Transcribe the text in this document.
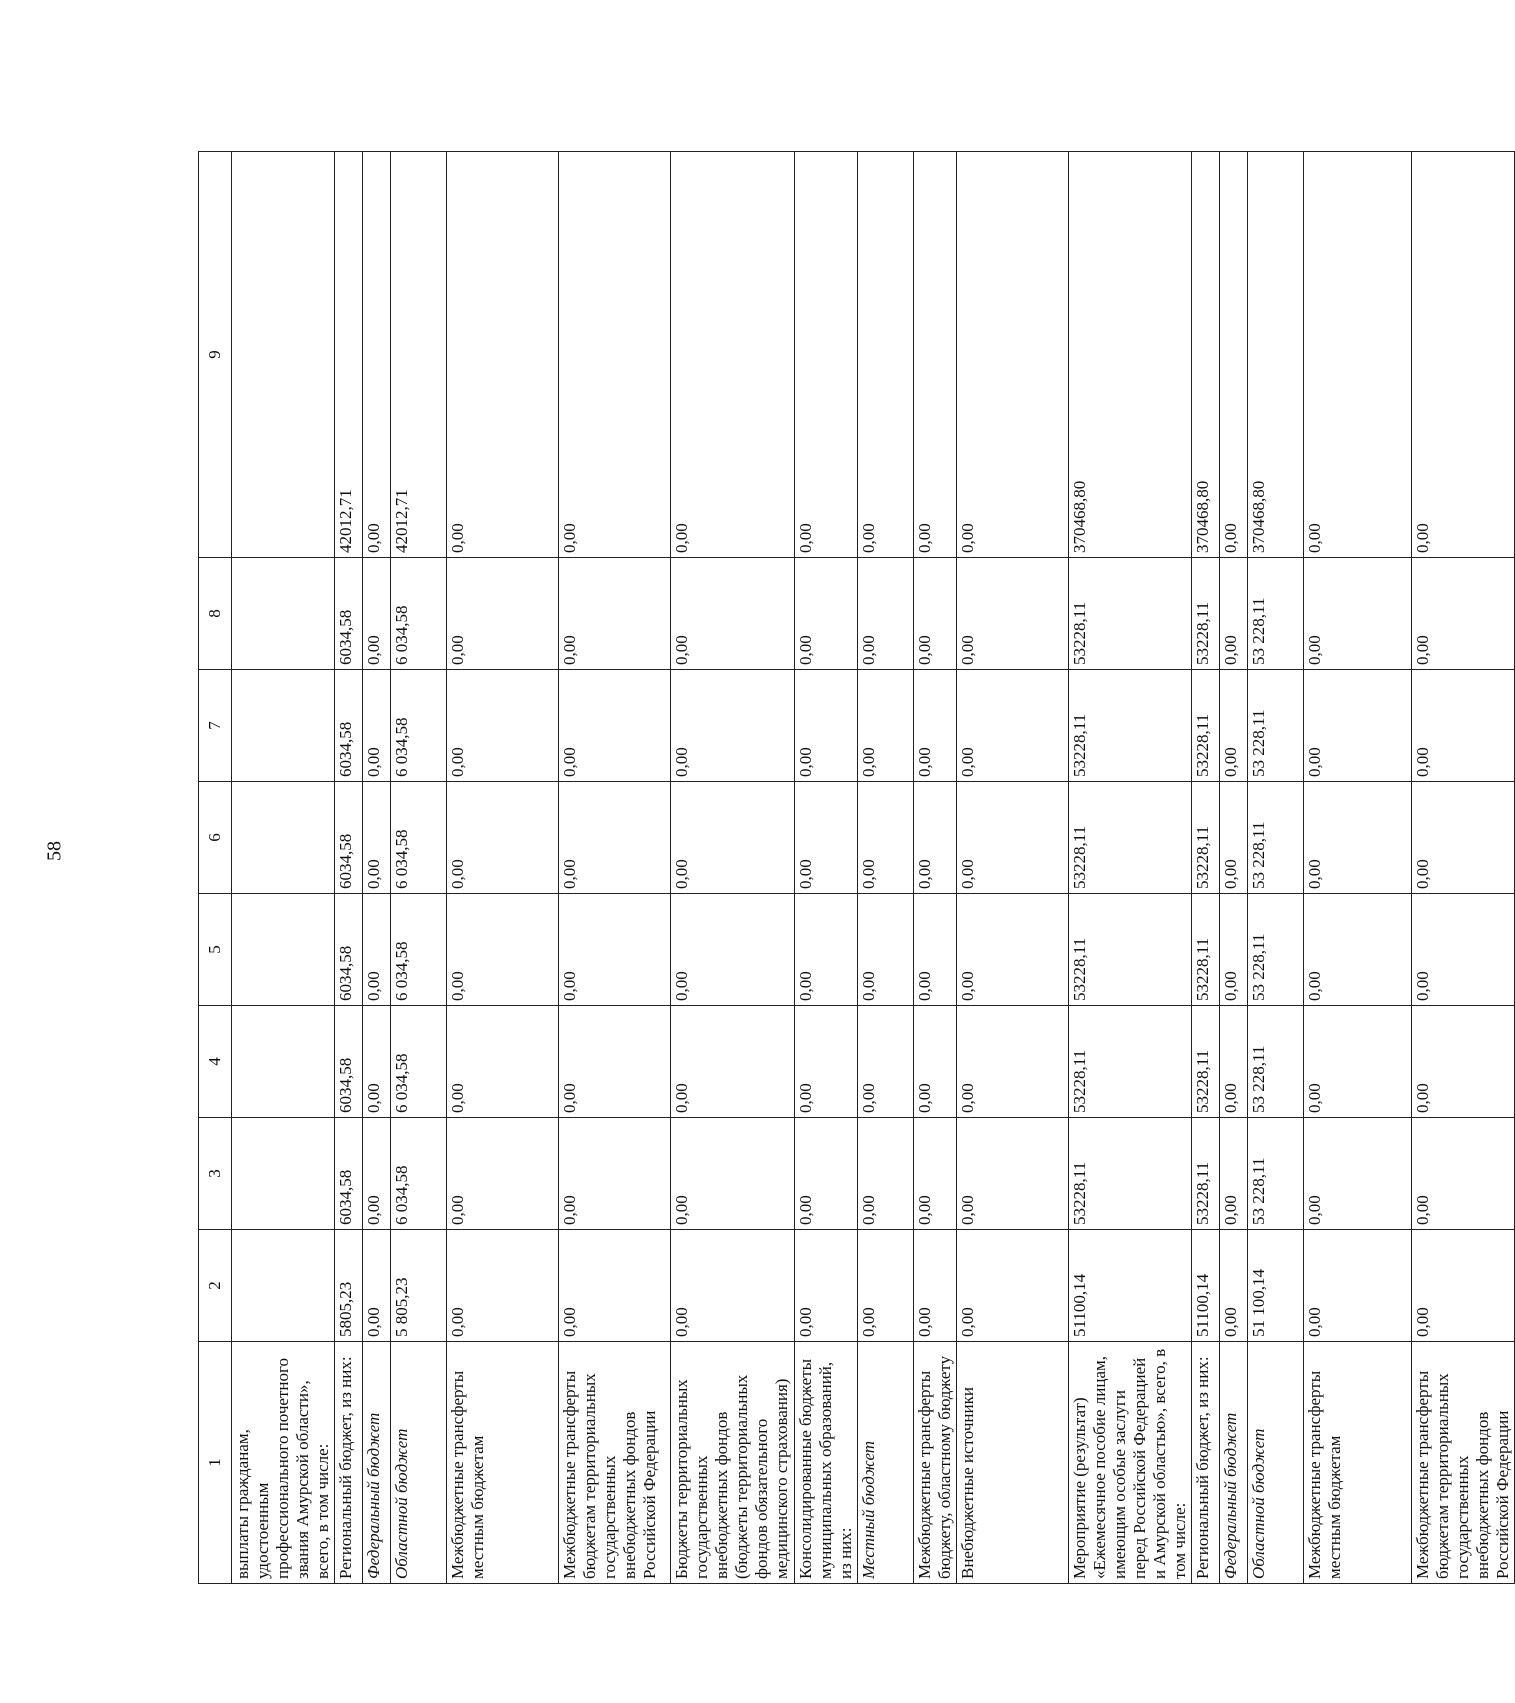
58
1	2	3	4	5	6	7	8	9
выплаты гражданам, удостоенным профессионального почетного звания Амурской области», всего, в том числе:								
Региональный бюджет, из них:	5805,23	6034,58	6034,58	6034,58	6034,58	6034,58	6034,58	42012,71
Федеральный бюджет	0,00	0,00	0,00	0,00	0,00	0,00	0,00	0,00
Областной бюджет	5 805,23	6 034,58	6 034,58	6 034,58	6 034,58	6 034,58	6 034,58	42012,71
Межбюджетные трансферты местным бюджетам	0,00	0,00	0,00	0,00	0,00	0,00	0,00	0,00
Межбюджетные трансферты бюджетам территориальных государственных внебюджетных фондов Российской Федерации	0,00	0,00	0,00	0,00	0,00	0,00	0,00	0,00
Бюджеты территориальных государственных внебюджетных фондов (бюджеты территориальных фондов обязательного медицинского страхования)	0,00	0,00	0,00	0,00	0,00	0,00	0,00	0,00
Консолидированные бюджеты муниципальных образований, из них:	0,00	0,00	0,00	0,00	0,00	0,00	0,00	0,00
Местный бюджет	0,00	0,00	0,00	0,00	0,00	0,00	0,00	0,00
Межбюджетные трансферты бюджету, областному бюджету	0,00	0,00	0,00	0,00	0,00	0,00	0,00	0,00
Внебюджетные источники	0,00	0,00	0,00	0,00	0,00	0,00	0,00	0,00
Мероприятие (результат) «Ежемесячное пособие лицам, имеющим особые заслуги перед Российской Федерацией и Амурской областью», всего, в том числе:	51100,14	53228,11	53228,11	53228,11	53228,11	53228,11	53228,11	370468,80
Региональный бюджет, из них:	51100,14	53228,11	53228,11	53228,11	53228,11	53228,11	53228,11	370468,80
Федеральный бюджет	0,00	0,00	0,00	0,00	0,00	0,00	0,00	0,00
Областной бюджет	51 100,14	53 228,11	53 228,11	53 228,11	53 228,11	53 228,11	53 228,11	370468,80
Межбюджетные трансферты местным бюджетам	0,00	0,00	0,00	0,00	0,00	0,00	0,00	0,00
Межбюджетные трансферты бюджетам территориальных государственных внебюджетных фондов Российской Федерации	0,00	0,00	0,00	0,00	0,00	0,00	0,00	0,00
